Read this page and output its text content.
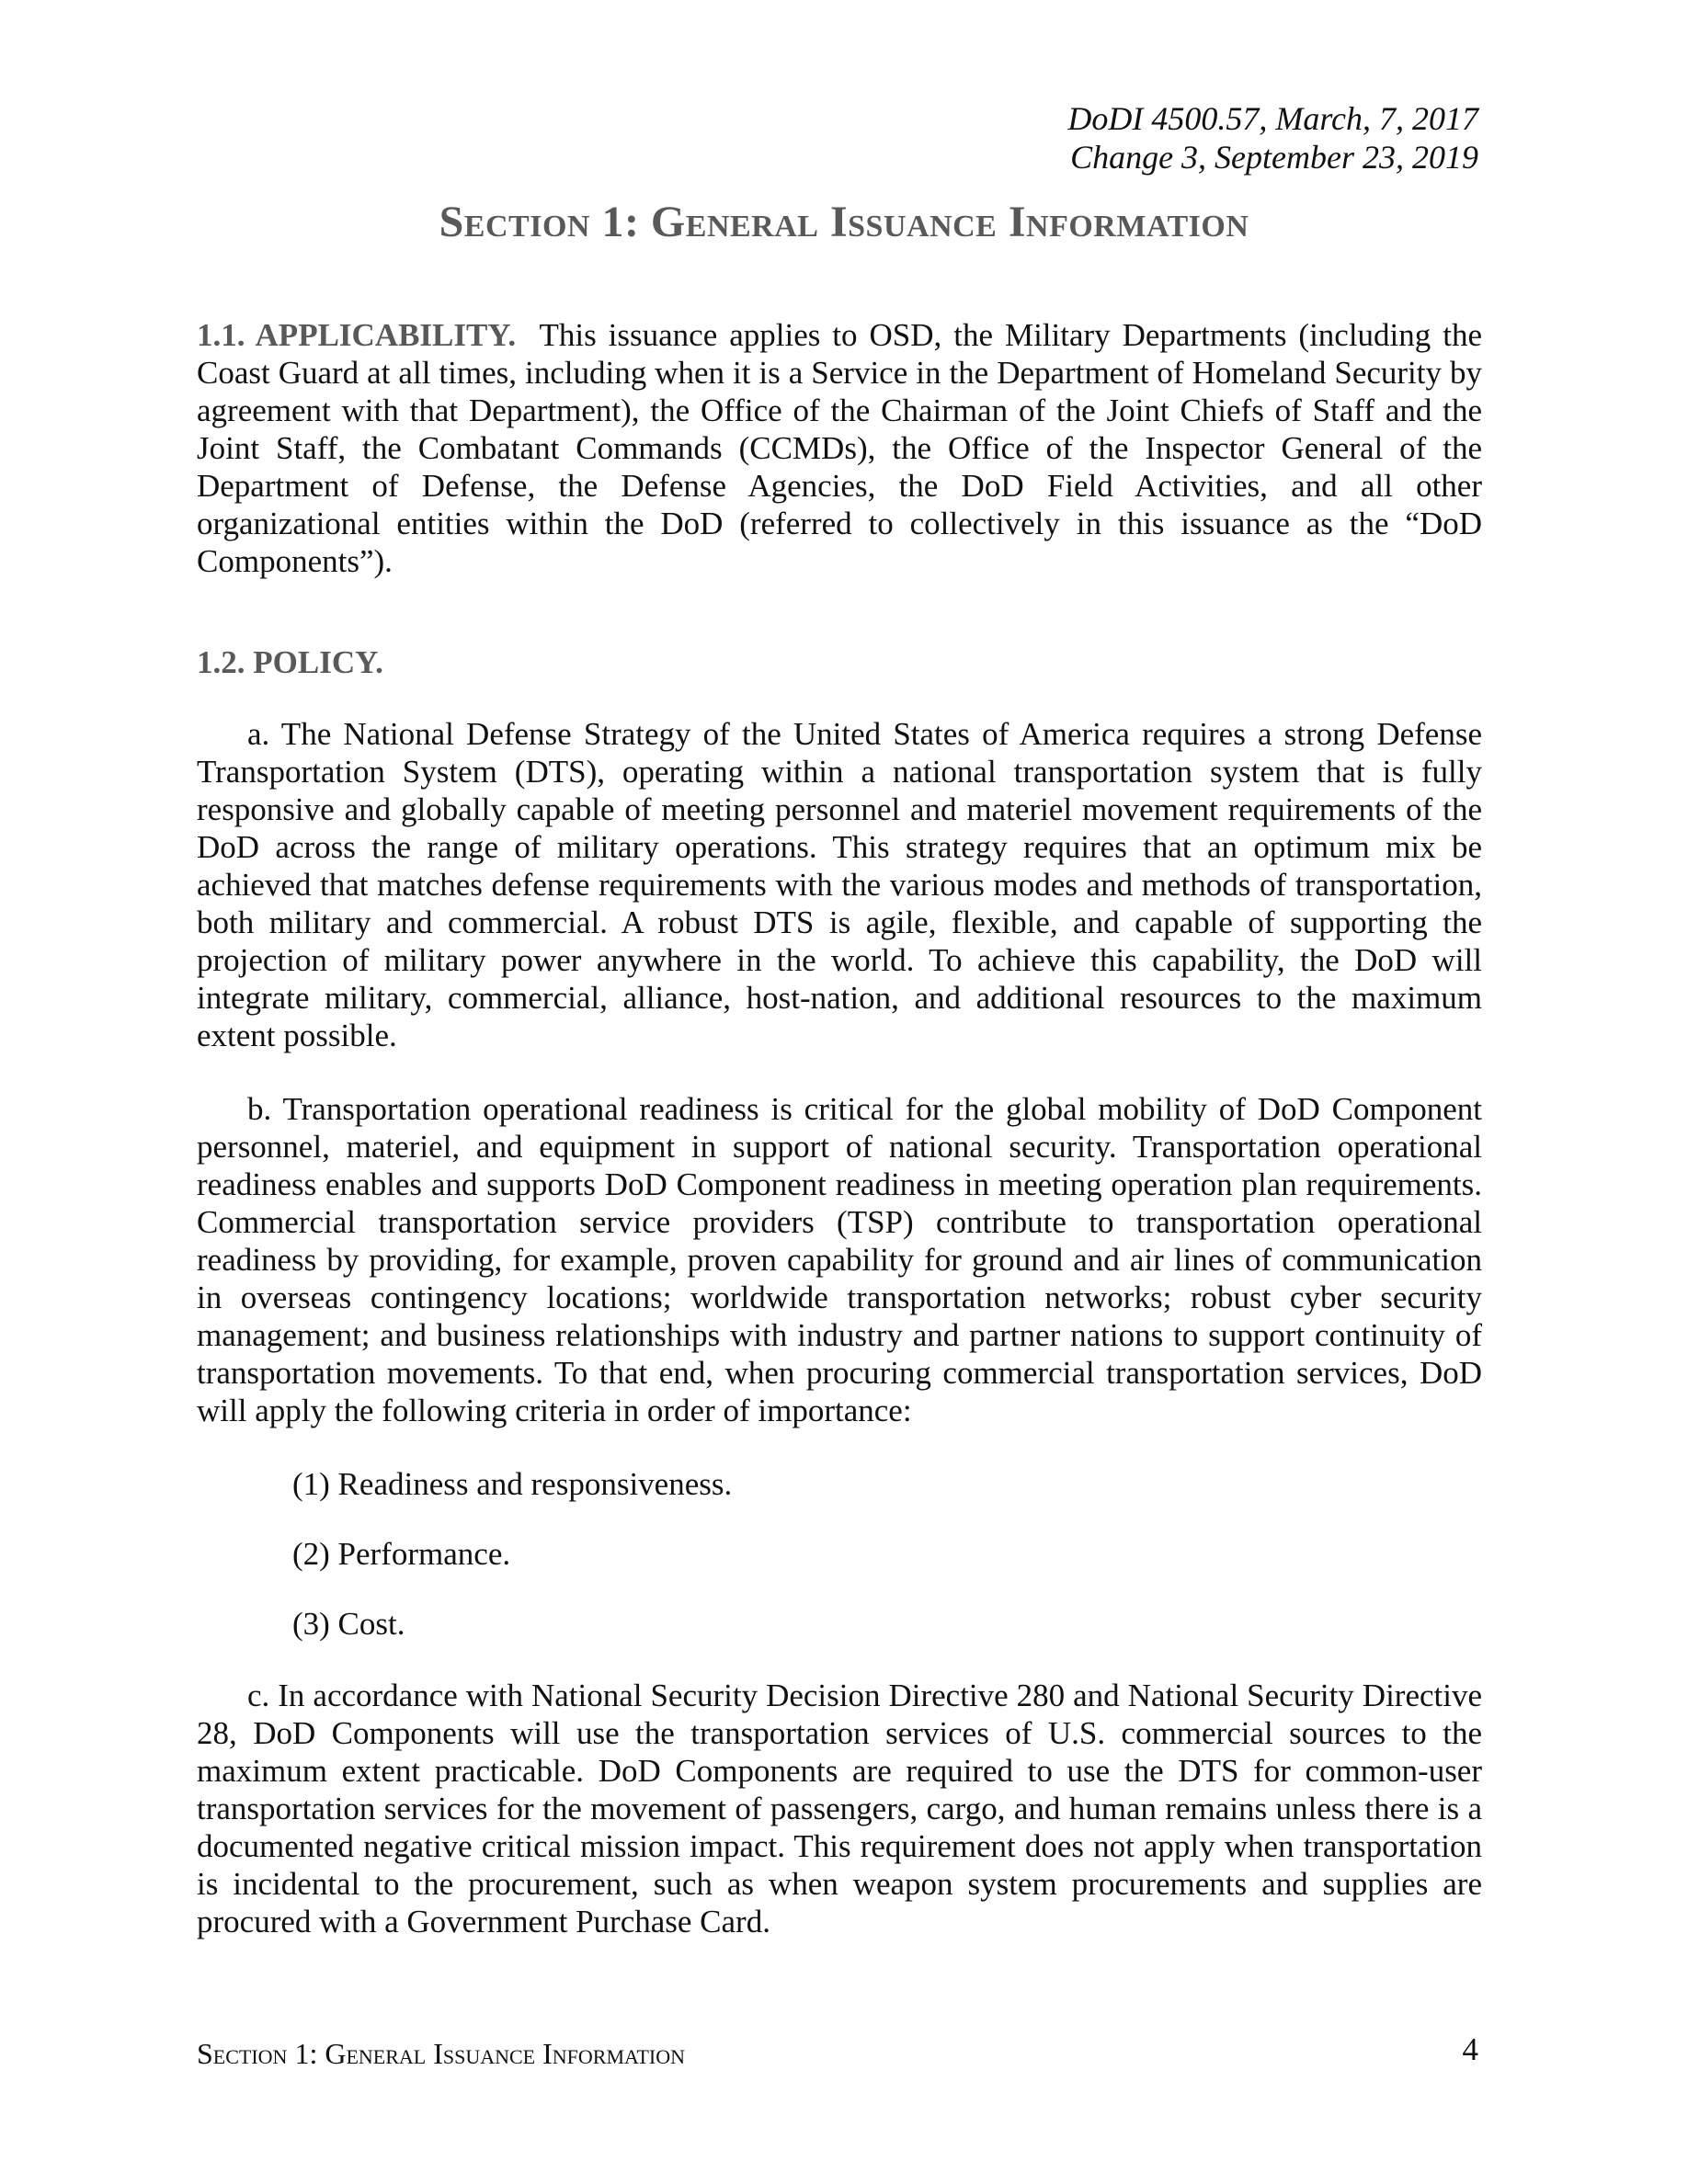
DoDI 4500.57, March, 7, 2017
Change 3, September 23, 2019
Section 1: General Issuance Information

1.1. APPLICABILITY. This issuance applies to OSD, the Military Departments (including the Coast Guard at all times, including when it is a Service in the Department of Homeland Security by agreement with that Department), the Office of the Chairman of the Joint Chiefs of Staff and the Joint Staff, the Combatant Commands (CCMDs), the Office of the Inspector General of the Department of Defense, the Defense Agencies, the DoD Field Activities, and all other organizational entities within the DoD (referred to collectively in this issuance as the “DoD Components”).

1.2. POLICY.

a. The National Defense Strategy of the United States of America requires a strong Defense Transportation System (DTS), operating within a national transportation system that is fully responsive and globally capable of meeting personnel and materiel movement requirements of the DoD across the range of military operations. This strategy requires that an optimum mix be achieved that matches defense requirements with the various modes and methods of transportation, both military and commercial. A robust DTS is agile, flexible, and capable of supporting the projection of military power anywhere in the world. To achieve this capability, the DoD will integrate military, commercial, alliance, host-nation, and additional resources to the maximum extent possible.

b. Transportation operational readiness is critical for the global mobility of DoD Component personnel, materiel, and equipment in support of national security. Transportation operational readiness enables and supports DoD Component readiness in meeting operation plan requirements. Commercial transportation service providers (TSP) contribute to transportation operational readiness by providing, for example, proven capability for ground and air lines of communication in overseas contingency locations; worldwide transportation networks; robust cyber security management; and business relationships with industry and partner nations to support continuity of transportation movements. To that end, when procuring commercial transportation services, DoD will apply the following criteria in order of importance:

(1) Readiness and responsiveness.

(2) Performance.

(3) Cost.

c. In accordance with National Security Decision Directive 280 and National Security Directive 28, DoD Components will use the transportation services of U.S. commercial sources to the maximum extent practicable. DoD Components are required to use the DTS for common-user transportation services for the movement of passengers, cargo, and human remains unless there is a documented negative critical mission impact. This requirement does not apply when transportation is incidental to the procurement, such as when weapon system procurements and supplies are procured with a Government Purchase Card.

Section 1: General Issuance Information	4
